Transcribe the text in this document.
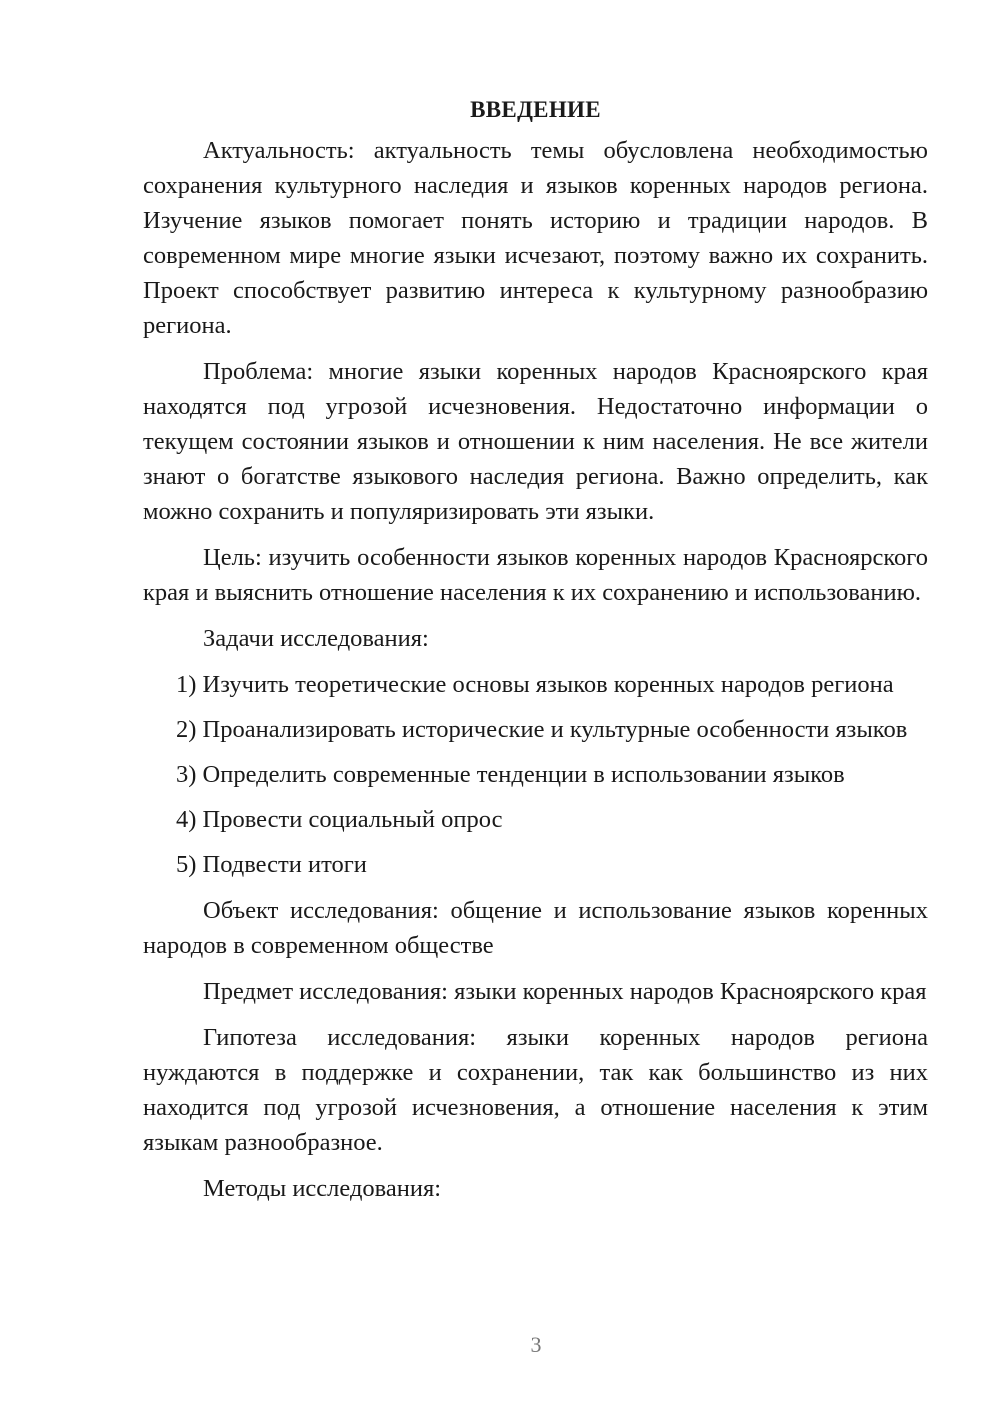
ВВЕДЕНИЕ

Актуальность: актуальность темы обусловлена необходимостью сохранения культурного наследия и языков коренных народов региона. Изучение языков помогает понять историю и традиции народов. В современном мире многие языки исчезают, поэтому важно их сохранить. Проект способствует развитию интереса к культурному разнообразию региона.

Проблема: многие языки коренных народов Красноярского края находятся под угрозой исчезновения. Недостаточно информации о текущем состоянии языков и отношении к ним населения. Не все жители знают о богатстве языкового наследия региона. Важно определить, как можно сохранить и популяризировать эти языки.

Цель: изучить особенности языков коренных народов Красноярского края и выяснить отношение населения к их сохранению и использованию.

Задачи исследования:

1) Изучить теоретические основы языков коренных народов региона
2) Проанализировать исторические и культурные особенности языков
3) Определить современные тенденции в использовании языков
4) Провести социальный опрос
5) Подвести итоги

Объект исследования: общение и использование языков коренных народов в современном обществе

Предмет исследования: языки коренных народов Красноярского края

Гипотеза исследования: языки коренных народов региона нуждаются в поддержке и сохранении, так как большинство из них находится под угрозой исчезновения, а отношение населения к этим языкам разнообразное.

Методы исследования:

3
